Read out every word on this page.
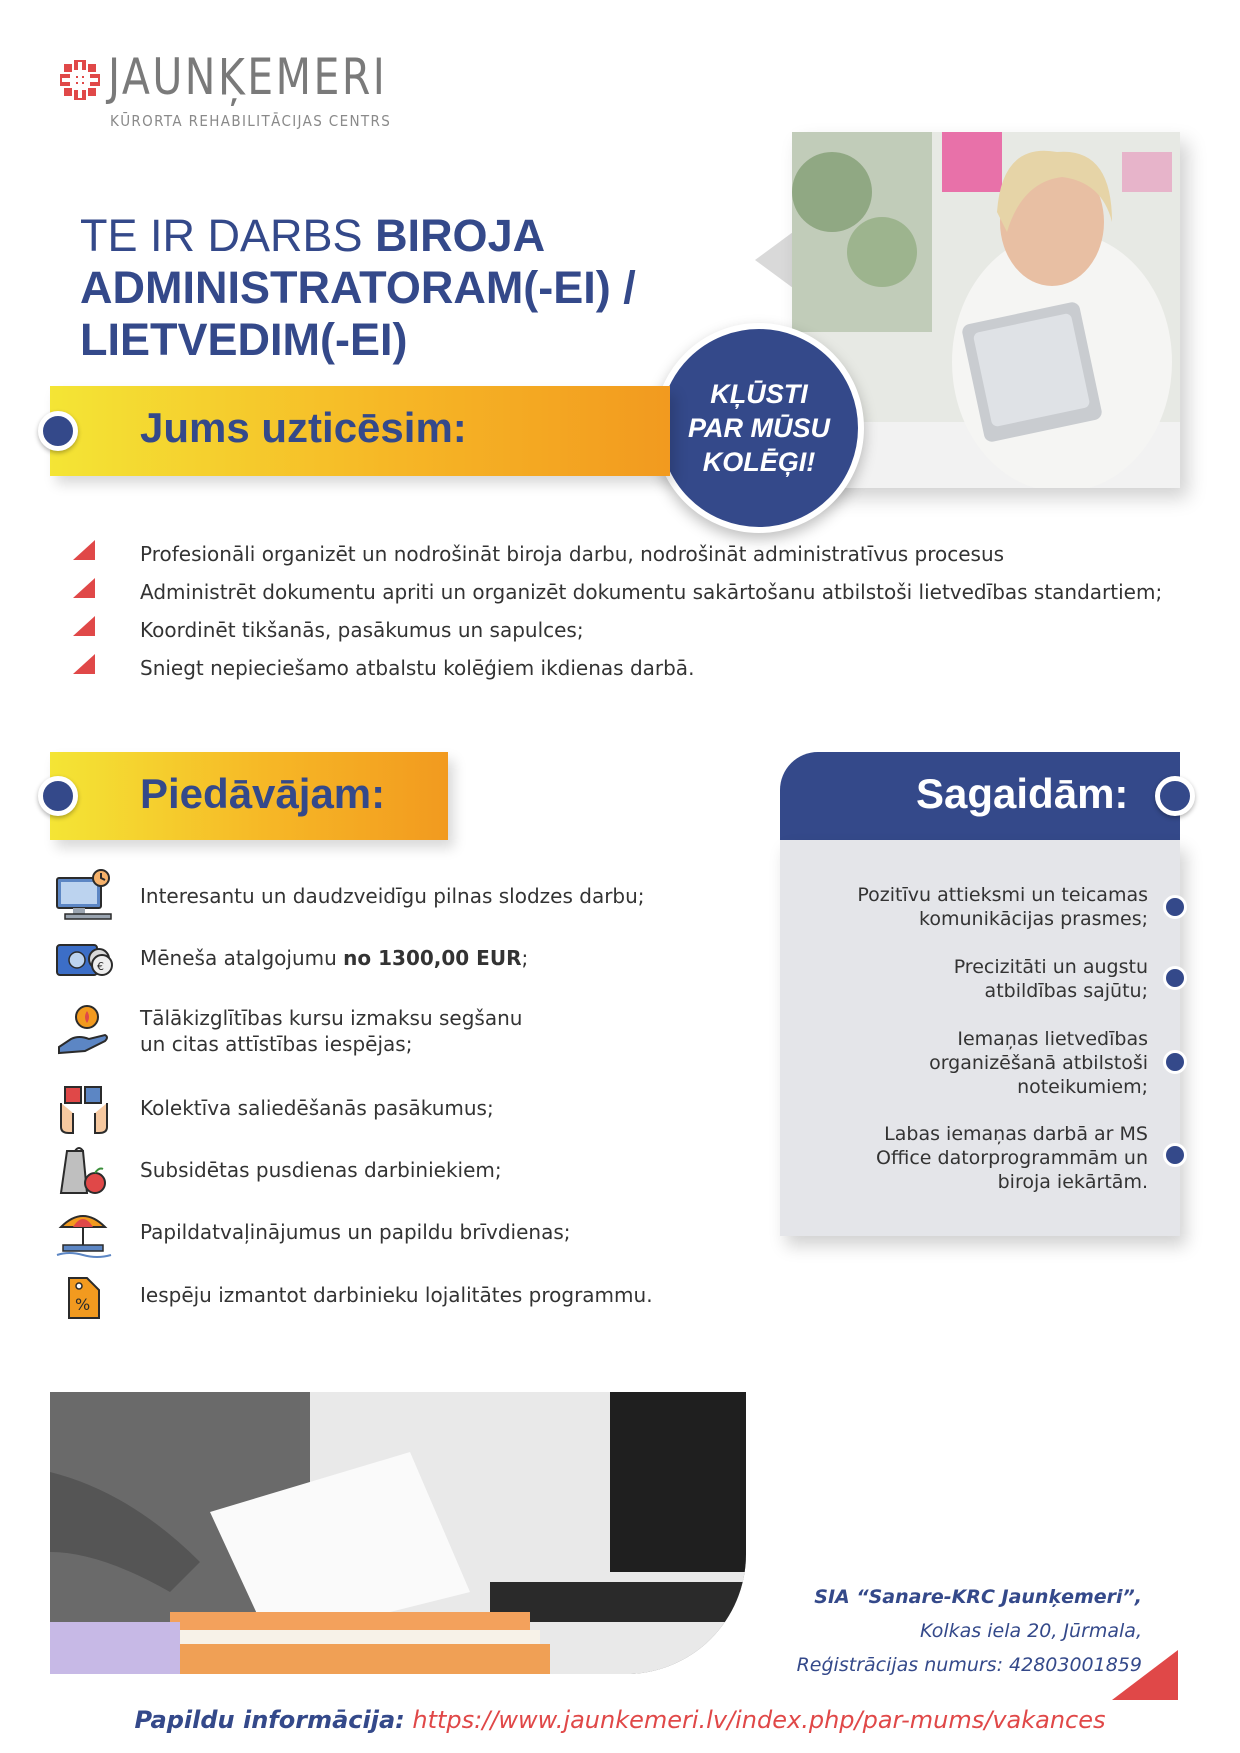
JAUNĶEMERI
KŪRORTA REHABILITĀCIJAS CENTRS
TE IR DARBS BIROJA
ADMINISTRATORAM(-EI) /
LIETVEDIM(-EI)
KĻŪSTI
PAR MŪSU
KOLĒĢI!
Jums uzticēsim:
Profesionāli organizēt un nodrošināt biroja darbu, nodrošināt administratīvus procesus
Administrēt dokumentu apriti un organizēt dokumentu sakārtošanu atbilstoši lietvedības standartiem;
Koordinēt tikšanās, pasākumus un sapulces;
Sniegt nepieciešamo atbalstu kolēģiem ikdienas darbā.
Piedāvājam:
Interesantu un daudzveidīgu pilnas slodzes darbu;
€ Mēneša atalgojumu no 1300,00 EUR;
Tālākizglītības kursu izmaksu segšanu
un citas attīstības iespējas;
Kolektīva saliedēšanās pasākumus;
Subsidētas pusdienas darbiniekiem;
Papildatvaļinājumus un papildu brīvdienas;
% Iespēju izmantot darbinieku lojalitātes programmu.
Sagaidām:
Pozitīvu attieksmi un teicamas
komunikācijas prasmes;
Precizitāti un augstu
atbildības sajūtu;
Iemaņas lietvedības
organizēšanā atbilstoši
noteikumiem;
Labas iemaņas darbā ar MS
Office datorprogrammām un
biroja iekārtām.
SIA “Sanare-KRC Jaunķemeri”,
Kolkas iela 20, Jūrmala,
Reģistrācijas numurs: 42803001859
Papildu informācija: https://www.jaunkemeri.lv/index.php/par-mums/vakances
